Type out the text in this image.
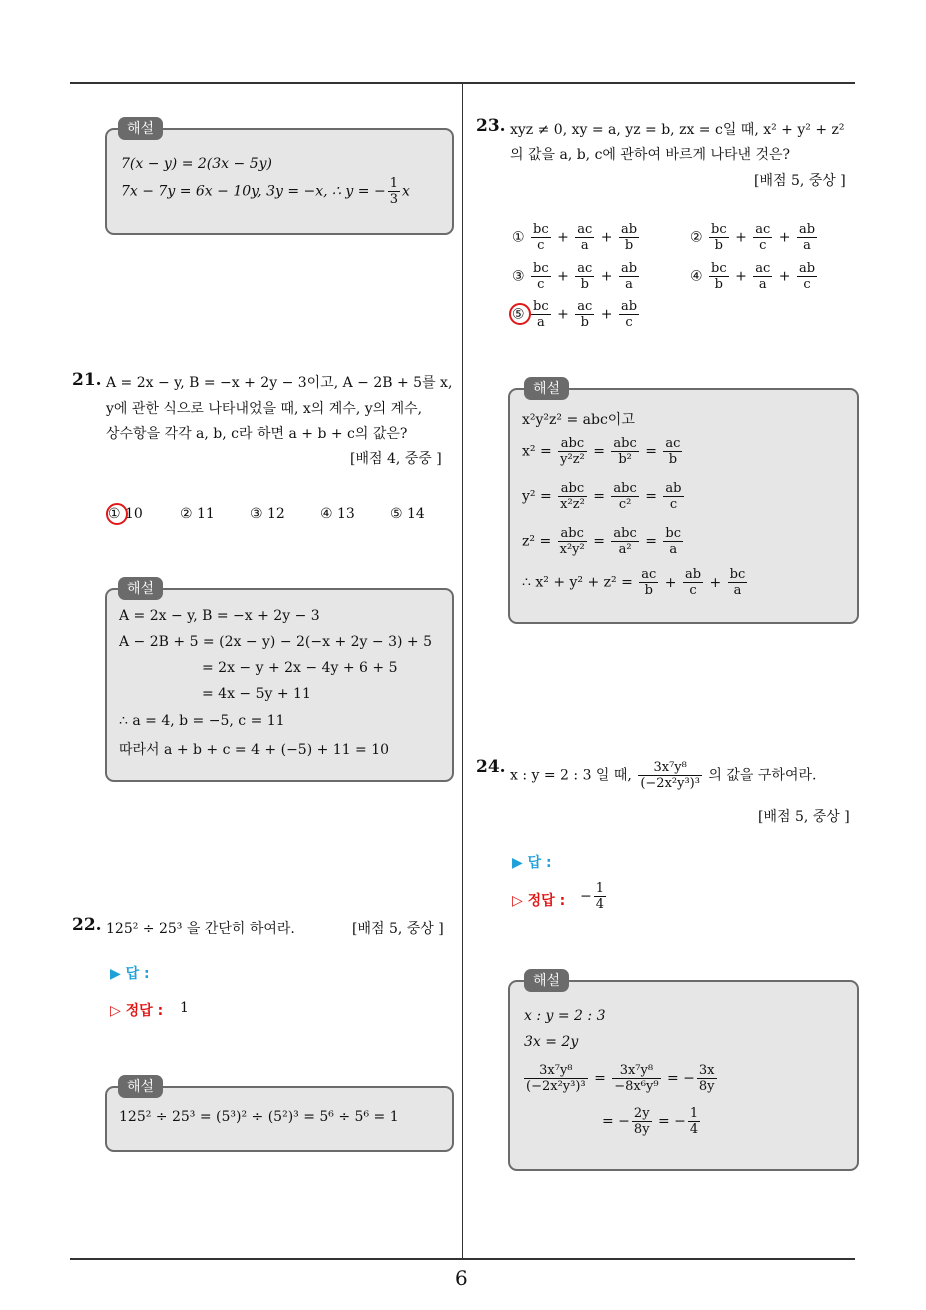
6
해설
7(x − y) = 2(3x − 5y)
7x − 7y = 6x − 10y, 3y = −x, ∴ y = − $\frac{1}{3}$ x
21. A = 2x − y, B = −x + 2y − 3이고, A − 2B + 5를 x,
y에 관한 식으로 나타내었을 때, x의 계수, y의 계수,
상수항을 각각 a, b, c라 하면 a + b + c의 값은?
[배점 4, 중중 ]
① 10	② 11	③ 12	④ 13	⑤ 14
해설
A = 2x − y, B = −x + 2y − 3
A − 2B + 5 = (2x − y) − 2(−x + 2y − 3) + 5
= 2x − y + 2x − 4y + 6 + 5
= 4x − 5y + 11
∴ a = 4, b = −5, c = 11
따라서 a + b + c = 4 + (−5) + 11 = 10
22. 125² ÷ 25³ 을 간단히 하여라.	[배점 5, 중상 ]
▶ 답 :
▷ 정답 : 1
해설
125² ÷ 25³ = (5³)² ÷ (5²)³ = 5⁶ ÷ 5⁶ = 1
23. xyz ≠ 0, xy = a, yz = b, zx = c일 때, x² + y² + z²
의 값을 a, b, c에 관하여 바르게 나타낸 것은?
[배점 5, 중상 ]
① $\frac{bc}{c} + \frac{ac}{a} + \frac{ab}{b}$	② $\frac{bc}{b} + \frac{ac}{c} + \frac{ab}{a}$
③ $\frac{bc}{c} + \frac{ac}{b} + \frac{ab}{a}$	④ $\frac{bc}{b} + \frac{ac}{a} + \frac{ab}{c}$
⑤ $\frac{bc}{a} + \frac{ac}{b} + \frac{ab}{c}$
해설
x²y²z² = abc이고
$x^2 = \frac{\text{abc}}{\text{y²z²}} = \frac{\text{abc}}{\text{b²}} = \frac{ac}{b}$
$y^2 = \frac{\text{abc}}{\text{x²z²}} = \frac{\text{abc}}{\text{c²}} = \frac{ab}{c}$
$z^2 = \frac{\text{abc}}{\text{x²y²}} = \frac{\text{abc}}{\text{a²}} = \frac{bc}{a}$
∴ $x^2 + y^2 + z^2 = \frac{ac}{b} + \frac{ab}{c} + \frac{bc}{a}$
24. x : y = 2 : 3 일 때, $\frac{\text{3x⁷y⁸}}{\text{(−2x²y³)³}}$ 의 값을 구하여라.
[배점 5, 중상 ]
▶ 답 :
▷ 정답 : − $\frac{1}{4}$
해설
x : y = 2 : 3
3x = 2y
$\frac{\text{3x⁷y⁸}}{\text{(−2x²y³)³}} = \frac{\text{3x⁷y⁸}}{\text{−8x⁶y⁹}}$ = − $\frac{3x}{8y}$
= − $\frac{2y}{8y}$ = − $\frac{1}{4}$
